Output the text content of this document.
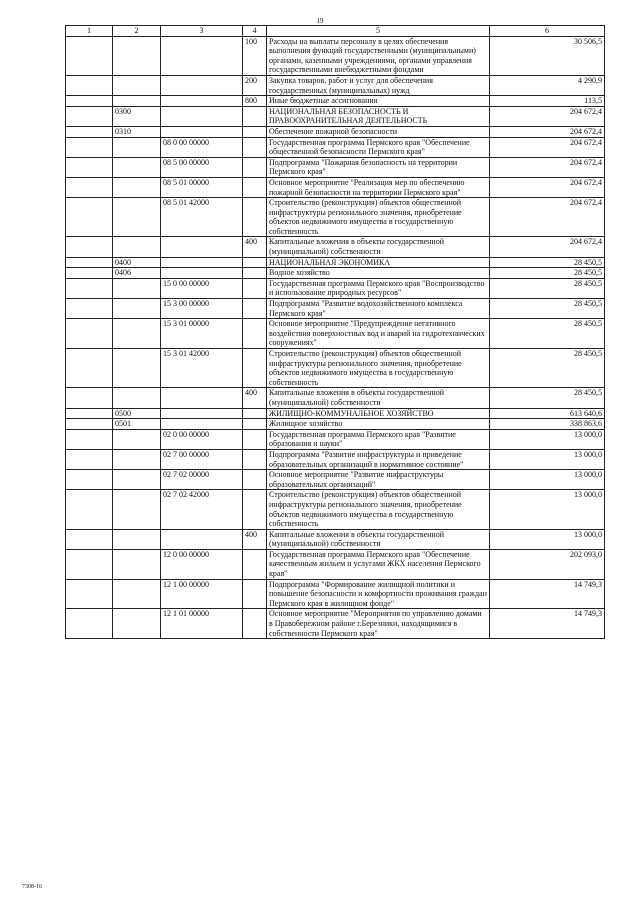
19
1	2	3	4	5	6
			100	Расходы на выплаты персоналу в целях обеспечения выполнения функций государственными (муниципальными) органами, казенными учреждениями, органами управления государственными внебюджетными фондами	30 506,5
			200	Закупка товаров, работ и услуг для обеспечения государственных (муниципальных) нужд	4 290,9
			800	Иные бюджетные ассигнования	113,5
	0300			НАЦИОНАЛЬНАЯ БЕЗОПАСНОСТЬ И ПРАВООХРАНИТЕЛЬНАЯ ДЕЯТЕЛЬНОСТЬ	204 672,4
	0310			Обеспечение пожарной безопасности	204 672,4
		08 0 00 00000		Государственная программа Пермского края "Обеспечение общественной безопасности Пермского края"	204 672,4
		08 5 00 00000		Подпрограмма "Пожарная безопасность на территории Пермского края"	204 672,4
		08 5 01 00000		Основное мероприятие "Реализация мер по обеспечению пожарной безопасности на территории Пермского края"	204 672,4
		08 5 01 42000		Строительство (реконструкция) объектов общественной инфраструктуры регионального значения, приобретение объектов недвижимого имущества в государственную собственность	204 672,4
			400	Капитальные вложения в объекты государственной (муниципальной) собственности	204 672,4
	0400			НАЦИОНАЛЬНАЯ ЭКОНОМИКА	28 450,5
	0406			Водное хозяйство	28 450,5
		15 0 00 00000		Государственная программа Пермского края "Воспроизводство и использование природных ресурсов"	28 450,5
		15 3 00 00000		Подпрограмма "Развитие водохозяйственного комплекса Пермского края"	28 450,5
		15 3 01 00000		Основное мероприятие "Предупреждение негативного воздействия поверхностных вод и аварий на гидротехнических сооружениях"	28 450,5
		15 3 01 42000		Строительство (реконструкция) объектов общественной инфраструктуры регионального значения, приобретение объектов недвижимого имущества в государственную собственность	28 450,5
			400	Капитальные вложения в объекты государственной (муниципальной) собственности	28 450,5
	0500			ЖИЛИЩНО-КОММУНАЛЬНОЕ ХОЗЯЙСТВО	613 640,6
	0501			Жилищное хозяйство	338 863,6
		02 0 00 00000		Государственная программа Пермского края "Развитие образования и науки"	13 000,0
		02 7 00 00000		Подпрограмма "Развитие инфраструктуры и приведение образовательных организаций в нормативное состояние"	13 000,0
		02 7 02 00000		Основное мероприятие "Развитие инфраструктуры образовательных организаций"	13 000,0
		02 7 02 42000		Строительство (реконструкция) объектов общественной инфраструктуры регионального значения, приобретение объектов недвижимого имущества в государственную собственность	13 000,0
			400	Капитальные вложения в объекты государственной (муниципальной) собственности	13 000,0
		12 0 00 00000		Государственная программа Пермского края "Обеспечение качественным жильем и услугами ЖКХ населения Пермского края"	202 093,0
		12 1 00 00000		Подпрограмма "Формирование жилищной политики и повышение безопасности и комфортности проживания граждан Пермского края в жилищном фонде"	14 749,3
		12 1 01 00000		Основное мероприятие "Мероприятия по управлению домами в Правобережном районе г.Березники, находящимися в собственности Пермского края"	14 749,3
7308-16
